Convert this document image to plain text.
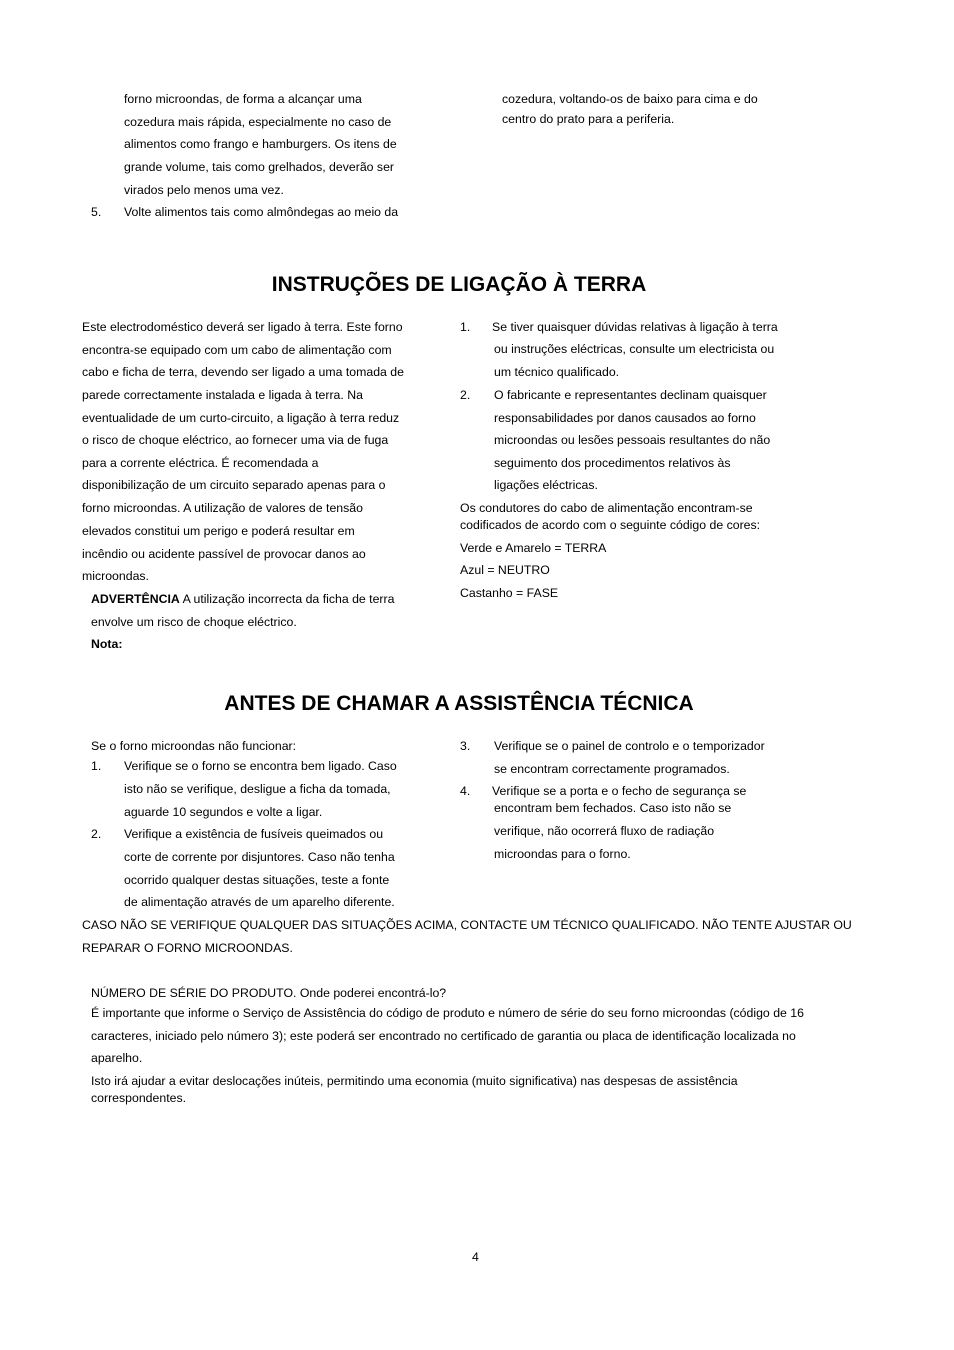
forno microondas, de forma a alcançar uma
cozedura mais rápida, especialmente no caso de
alimentos como frango e hamburgers. Os itens de
grande volume, tais como grelhados, deverão ser
virados pelo menos uma vez.
5. Volte alimentos tais como almôndegas ao meio da
cozedura, voltando-os de baixo para cima e do
centro do prato para a periferia.
INSTRUÇÕES DE LIGAÇÃO À TERRA
Este electrodoméstico deverá ser ligado à terra. Este forno
encontra-se equipado com um cabo de alimentação com
cabo e ficha de terra, devendo ser ligado a uma tomada de
parede correctamente instalada e ligada à terra. Na
eventualidade de um curto-circuito, a ligação à terra reduz
o risco de choque eléctrico, ao fornecer uma via de fuga
para a corrente eléctrica. É recomendada a
disponibilização de um circuito separado apenas para o
forno microondas. A utilização de valores de tensão
elevados constitui um perigo e poderá resultar em
incêndio ou acidente passível de provocar danos ao
microondas.
ADVERTÊNCIA A utilização incorrecta da ficha de terra
envolve um risco de choque eléctrico.
Nota:
1. Se tiver quaisquer dúvidas relativas à ligação à terra
ou instruções eléctricas, consulte um electricista ou
um técnico qualificado.
2. O fabricante e representantes declinam quaisquer
responsabilidades por danos causados ao forno
microondas ou lesões pessoais resultantes do não
seguimento dos procedimentos relativos às
ligações eléctricas.
Os condutores do cabo de alimentação encontram-se
codificados de acordo com o seguinte código de cores:
Verde e Amarelo = TERRA
Azul = NEUTRO
Castanho = FASE
ANTES DE CHAMAR A ASSISTÊNCIA TÉCNICA
Se o forno microondas não funcionar:
1. Verifique se o forno se encontra bem ligado. Caso
isto não se verifique, desligue a ficha da tomada,
aguarde 10 segundos e volte a ligar.
2. Verifique a existência de fusíveis queimados ou
corte de corrente por disjuntores. Caso não tenha
ocorrido qualquer destas situações, teste a fonte
de alimentação através de um aparelho diferente.
3. Verifique se o painel de controlo e o temporizador
se encontram correctamente programados.
4. Verifique se a porta e o fecho de segurança se
encontram bem fechados. Caso isto não se
verifique, não ocorrerá fluxo de radiação
microondas para o forno.
CASO NÃO SE VERIFIQUE QUALQUER DAS SITUAÇÕES ACIMA, CONTACTE UM TÉCNICO QUALIFICADO. NÃO TENTE AJUSTAR OU
REPARAR O FORNO MICROONDAS.
NÚMERO DE SÉRIE DO PRODUTO. Onde poderei encontrá-lo?
É importante que informe o Serviço de Assistência do código de produto e número de série do seu forno microondas (código de 16
caracteres, iniciado pelo número 3); este poderá ser encontrado no certificado de garantia ou placa de identificação localizada no
aparelho.
Isto irá ajudar a evitar deslocações inúteis, permitindo uma economia (muito significativa) nas despesas de assistência
correspondentes.
4
